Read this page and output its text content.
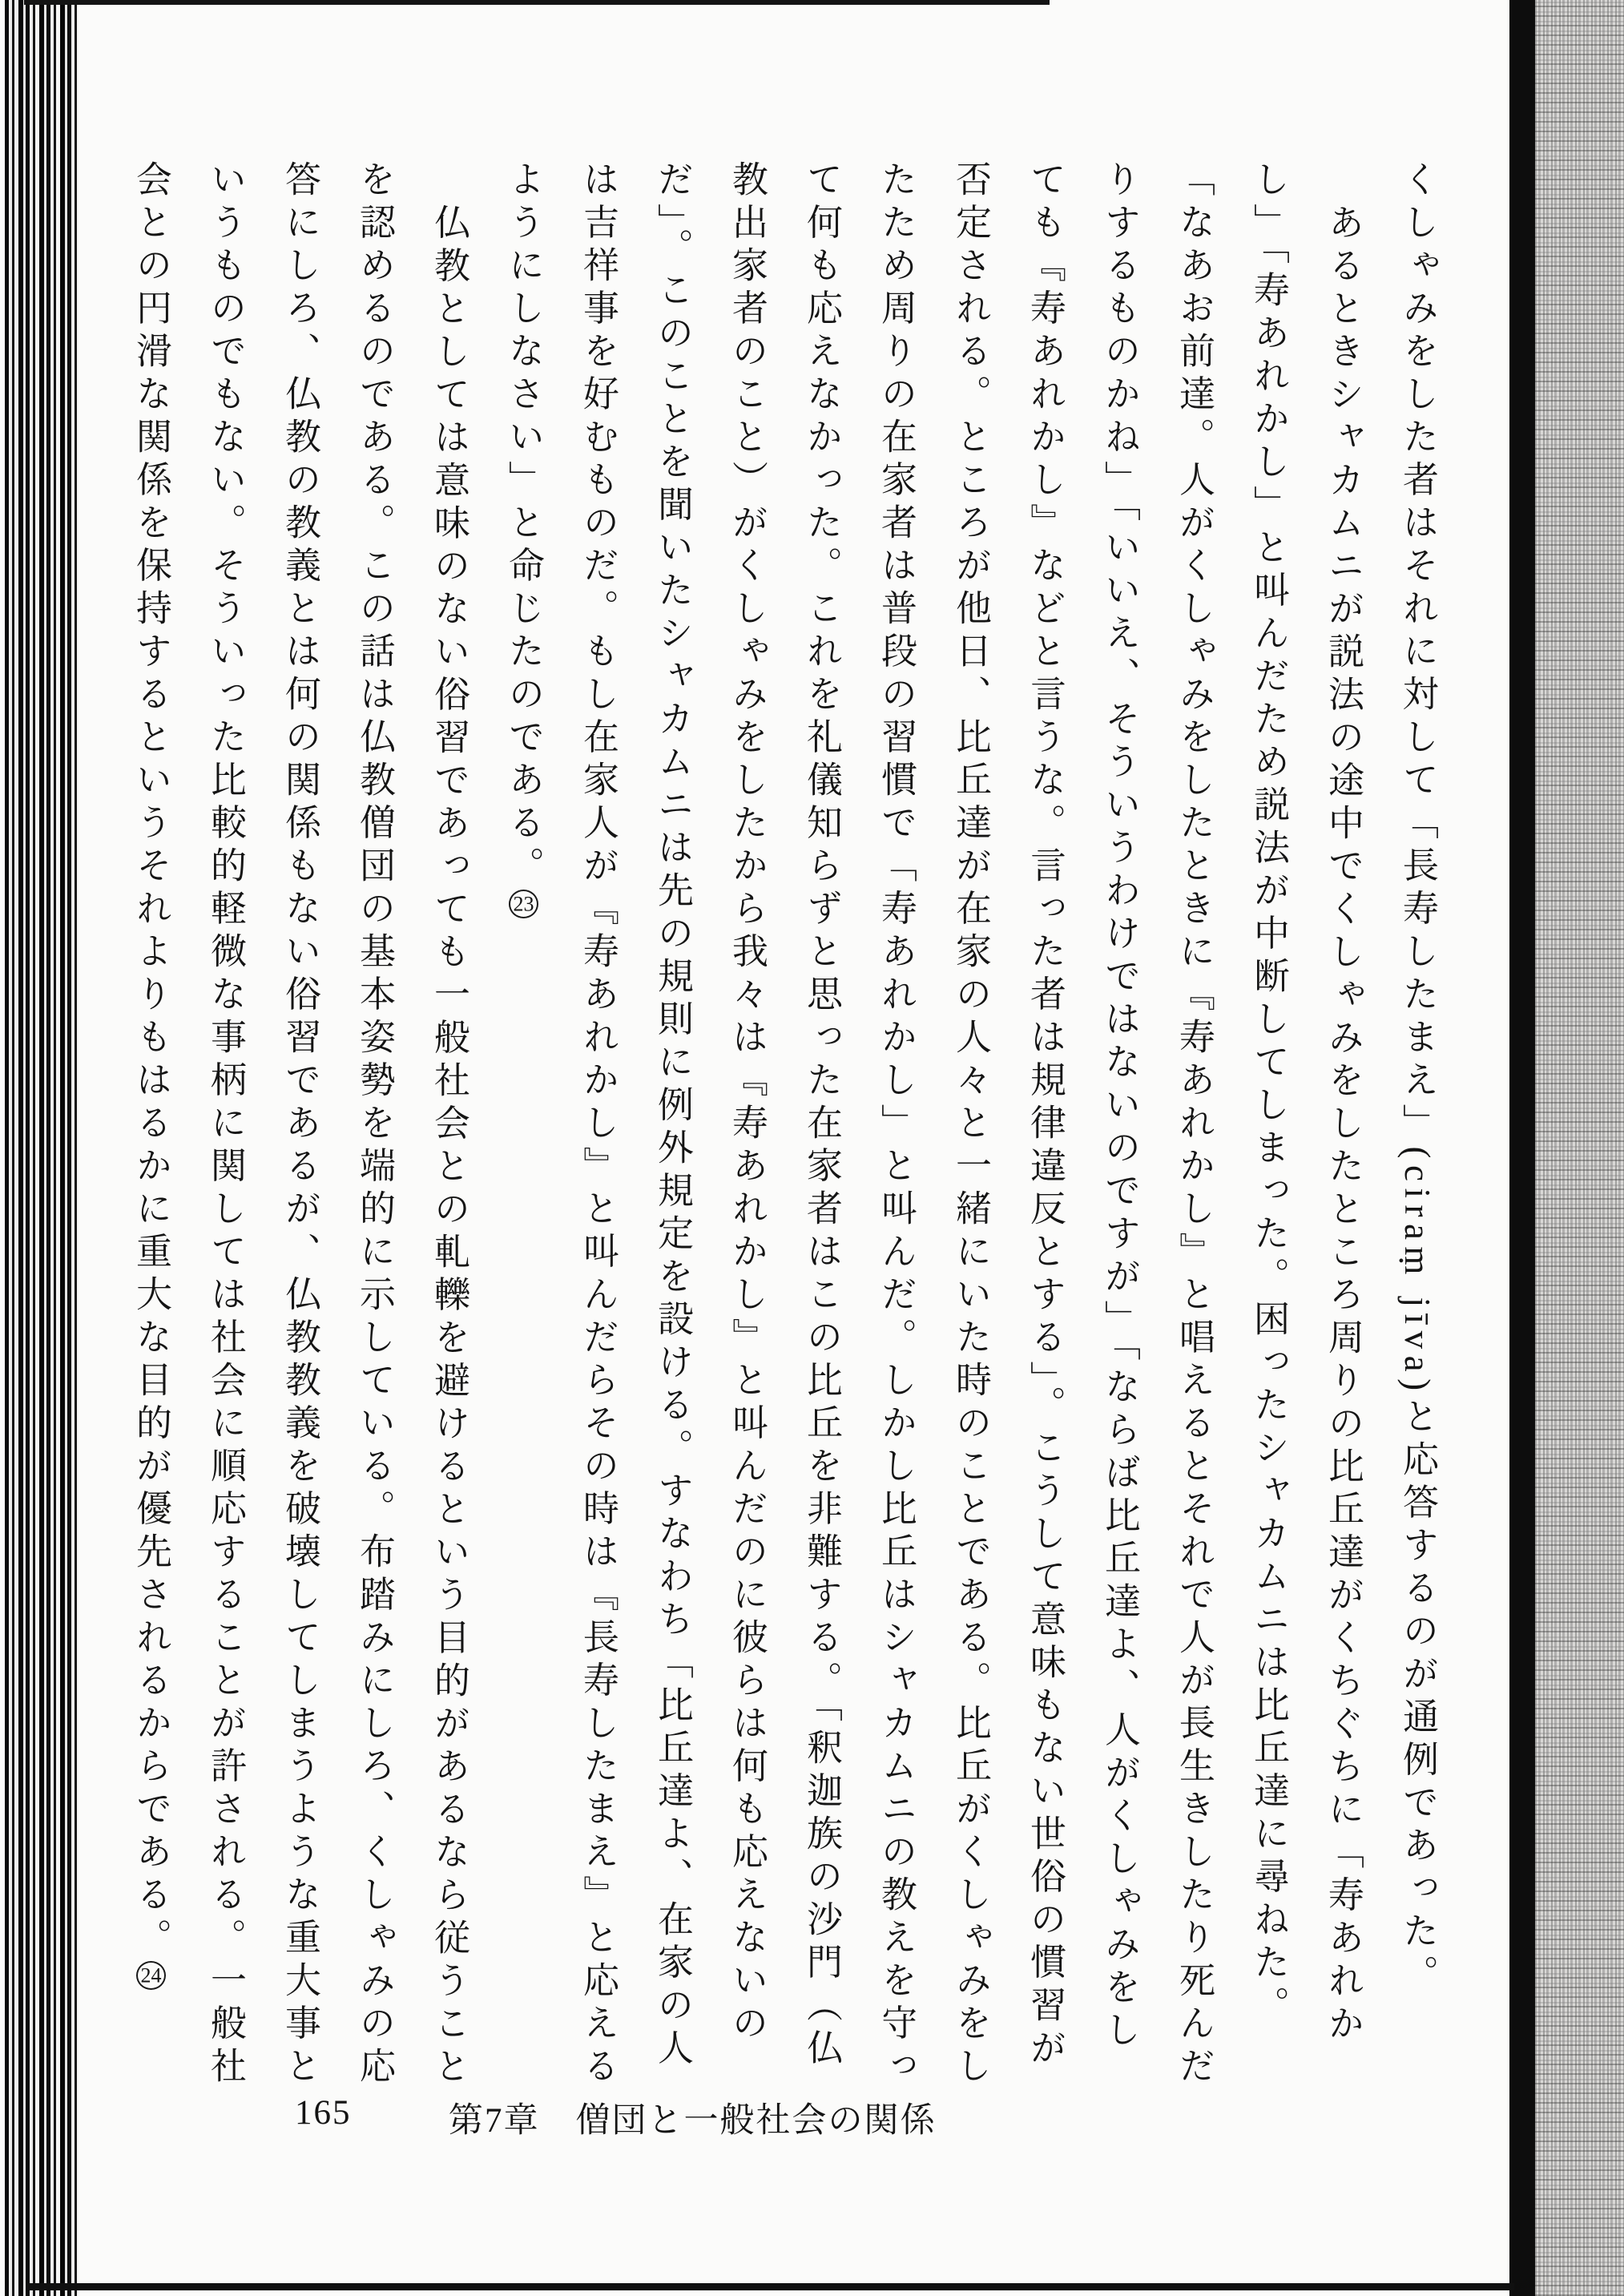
くしゃみをした者はそれに対して「長寿したまえ」(ciraṃ jīva)と応答するのが通例であった。

あるときシャカムニが説法の途中でくしゃみをしたところ周りの比丘達がくちぐちに「寿あれかし」「寿あれかし」と叫んだため説法が中断してしまった。困ったシャカムニは比丘達に尋ねた。「なあお前達。人がくしゃみをしたときに『寿あれかし』と唱えるとそれで人が長生きしたり死んだりするものかね」「いいえ、そういうわけではないのですが」「ならば比丘達よ、人がくしゃみをしても『寿あれかし』などと言うな。言った者は規律違反とする」。こうして意味もない世俗の慣習が否定される。ところが他日、比丘達が在家の人々と一緒にいた時のことである。比丘がくしゃみをしたため周りの在家者は普段の習慣で「寿あれかし」と叫んだ。しかし比丘はシャカムニの教えを守って何も応えなかった。これを礼儀知らずと思った在家者はこの比丘を非難する。「釈迦族の沙門（仏教出家者のこと）がくしゃみをしたから我々は『寿あれかし』と叫んだのに彼らは何も応えないのだ」。このことを聞いたシャカムニは先の規則に例外規定を設ける。すなわち「比丘達よ、在家の人は吉祥事を好むものだ。もし在家人が『寿あれかし』と叫んだらその時は『長寿したまえ』と応えるようにしなさい」と命じたのである。23

仏教としては意味のない俗習であっても一般社会との軋轢を避けるという目的があるなら従うことを認めるのである。この話は仏教僧団の基本姿勢を端的に示している。布踏みにしろ、くしゃみの応答にしろ、仏教の教義とは何の関係もない俗習であるが、仏教教義を破壊してしまうような重大事というものでもない。そういった比較的軽微な事柄に関しては社会に順応することが許される。一般社会との円滑な関係を保持するというそれよりもはるかに重大な目的が優先されるからである。24

165	第7章　僧団と一般社会の関係
